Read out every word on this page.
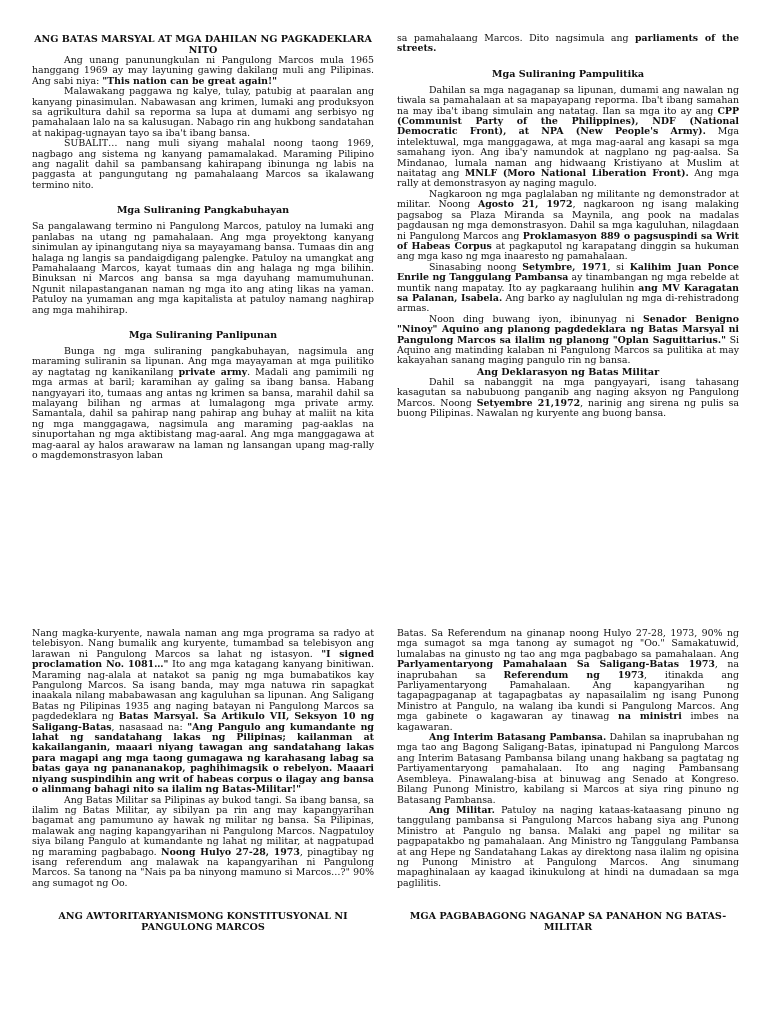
ANG BATAS MARSYAL AT MGA DAHILAN NG PAGKADEKLARA NITO

Ang unang panunungkulan ni Pangulong Marcos mula 1965 hanggang 1969 ay may layuning gawing dakilang muli ang Pilipinas. Ang sabi niya: "This nation can be great again!"

Malawakang paggawa ng kalye, tulay, patubig at paaralan ang kanyang pinasimulan. Nabawasan ang krimen, lumaki ang produksyon sa agrikultura dahil sa reporma sa lupa at dumami ang serbisyo ng pamahalaan lalo na sa kalusugan. Nabago rin ang hukbong sandatahan at nakipag-ugnayan tayo sa iba't ibang bansa.

SUBALIT… nang muli siyang mahalal noong taong 1969, nagbago ang sistema ng kanyang pamamalakad. Maraming Pilipino ang nagalit dahil sa pambansang kahirapang ibinunga ng labis na paggasta at pangungutang ng pamahalaang Marcos sa ikalawang termino nito.

Mga Suliraning Pangkabuhayan

Sa pangalawang termino ni Pangulong Marcos, patuloy na lumaki ang panlabas na utang ng pamahalaan. Ang mga proyektong kanyang sinimulan ay ipinangutang niya sa mayayamang bansa. Tumaas din ang halaga ng langis sa pandaigdigang palengke. Patuloy na umangkat ang Pamahalaang Marcos, kayat tumaas din ang halaga ng mga bilihin. Binuksan ni Marcos ang bansa sa mga dayuhang mamumuhunan. Ngunit nilapastanganan naman ng mga ito ang ating likas na yaman. Patuloy na yumaman ang mga kapitalista at patuloy namang naghirap ang mga mahihirap.

Mga Suliraning Panlipunan

Bunga ng mga suliraning pangkabuhayan, nagsimula ang maraming suliranin sa lipunan. Ang mga mayayaman at mga puilitiko ay nagtatag ng kanikanilang private army. Madali ang pamimili ng mga armas at baril; karamihan ay galing sa ibang bansa. Habang nangyayari ito, tumaas ang antas ng krimen sa bansa, marahil dahil sa malayang bilihan ng armas at lumalagong mga private army. Samantala, dahil sa pahirap nang pahirap ang buhay at maliit na kita ng mga manggagawa, nagsimula ang maraming pag-aaklas na sinuportahan ng mga aktibistang mag-aaral. Ang mga manggagawa at mag-aaral ay halos arawaraw na laman ng lansangan upang mag-rally o magdemonstrasyon laban

sa pamahalaang Marcos. Dito nagsimula ang parliaments of the streets.

Mga Suliraning Pampulitika

Dahilan sa mga nagaganap sa lipunan, dumami ang nawalan ng tiwala sa pamahalaan at sa mapayapang reporma. Iba't ibang samahan na may iba't ibang simulain ang natatag. Ilan sa mga ito ay ang CPP (Communist Party of the Philippines), NDF (National Democratic Front), at NPA (New People's Army). Mga intelektuwal, mga manggagawa, at mga mag-aaral ang kasapi sa mga samahang iyon. Ang iba'y namundok at nagplano ng pag-aalsa. Sa Mindanao, lumala naman ang hidwaang Kristiyano at Muslim at naitatag ang MNLF (Moro National Liberation Front). Ang mga rally at demonstrasyon ay naging magulo.

Nagkaroon ng mga paglalaban ng militante ng demonstrador at militar. Noong Agosto 21, 1972, nagkaroon ng isang malaking pagsabog sa Plaza Miranda sa Maynila, ang pook na madalas pagdausan ng mga demonstrasyon. Dahil sa mga kaguluhan, nilagdaan ni Pangulong Marcos ang Proklamasyon 889 o pagsuspindi sa Writ of Habeas Corpus at pagkaputol ng karapatang dinggin sa hukuman ang mga kaso ng mga inaaresto ng pamahalaan.

Sinasabing noong Setymbre, 1971, si Kalihim Juan Ponce Enrile ng Tanggulang Pambansa ay tinambangan ng mga rebelde at muntik nang mapatay. Ito ay pagkaraang hulihin ang MV Karagatan sa Palanan, Isabela. Ang barko ay naglululan ng mga di-rehistradong armas.

Noon ding buwang iyon, ibinunyag ni Senador Benigno "Ninoy" Aquino ang planong pagdedeklara ng Batas Marsyal ni Pangulong Marcos sa ilalim ng planong "Oplan Saguittarius." Si Aquino ang matinding kalaban ni Pangulong Marcos sa pulitika at may kakayahan sanang maging pangulo rin ng bansa.

Ang Deklarasyon ng Batas Militar

Dahil sa nabanggit na mga pangyayari, isang tahasang kasagutan sa nabubuong panganib ang naging aksyon ng Pangulong Marcos. Noong Setyembre 21,1972, narinig ang sirena ng pulis sa buong Pilipinas. Nawalan ng kuryente ang buong bansa.

Nang magka-kuryente, nawala naman ang mga programa sa radyo at telebisyon. Nang bumalik ang kuryente, tumambad sa telebisyon ang larawan ni Pangulong Marcos sa lahat ng istasyon. "I signed proclamation No. 1081…" Ito ang mga katagang kanyang binitiwan. Maraming nag-alala at natakot sa panig ng mga bumabatikos kay Pangulong Marcos. Sa isang banda, may mga natuwa rin sapagkat inaakala nilang mababawasan ang kaguluhan sa lipunan. Ang Saligang Batas ng Pilipinas 1935 ang naging batayan ni Pangulong Marcos sa pagdedeklara ng Batas Marsyal. Sa Artikulo VII, Seksyon 10 ng Saligang-Batas, nasasaad na: "Ang Pangulo ang kumandante ng lahat ng sandatahang lakas ng Pilipinas; kailanman at kakailanganin, maaari niyang tawagan ang sandatahang lakas para magapi ang mga taong gumagawa ng karahasang labag sa batas gaya ng panananakop, paghihimagsik o rebelyon. Maaari niyang suspindihin ang writ of habeas corpus o ilagay ang bansa o alinmang bahagi nito sa ilalim ng Batas-Militar!"

Ang Batas Militar sa Pilipinas ay bukod tangi. Sa ibang bansa, sa ilalim ng Batas Militar, ay sibilyan pa rin ang may kapangyarihan bagamat ang pamumuno ay hawak ng militar ng bansa. Sa Pilipinas, malawak ang naging kapangyarihan ni Pangulong Marcos. Nagpatuloy siya bilang Pangulo at kumandante ng lahat ng militar, at nagpatupad ng maraming pagbabago. Noong Hulyo 27-28, 1973, pinagtibay ng isang referendum ang malawak na kapangyarihan ni Pangulong Marcos. Sa tanong na "Nais pa ba ninyong mamuno si Marcos…?" 90% ang sumagot ng Oo.

ANG AWTORITARYANISMONG KONSTITUSYONAL NI PANGULONG MARCOS

Batas. Sa Referendum na ginanap noong Hulyo 27-28, 1973, 90% ng mga sumagot sa mga tanong ay sumagot ng "Oo." Samakatuwid, lumalabas na ginusto ng tao ang mga pagbabago sa pamahalaan. Ang Parlyamentaryong Pamahalaan Sa Saligang-Batas 1973, na inaprubahan sa Referendum ng 1973, itinakda ang Parliyamentaryong Pamahalaan. Ang kapangyarihan ng tagapagpaganap at tagapagbatas ay napasailalim ng isang Punong Ministro at Pangulo, na walang iba kundi si Pangulong Marcos. Ang mga gabinete o kagawaran ay tinawag na ministri imbes na kagawaran.

Ang Interim Batasang Pambansa. Dahilan sa inaprubahan ng mga tao ang Bagong Saligang-Batas, ipinatupad ni Pangulong Marcos ang Interim Batasang Pambansa bilang unang hakbang sa pagtatag ng Partiyamentaryong pamahalaan. Ito ang naging Pambansang Asembleya. Pinawalang-bisa at binuwag ang Senado at Kongreso. Bilang Punong Ministro, kabilang si Marcos at siya ring pinuno ng Batasang Pambansa.

Ang Militar. Patuloy na naging kataas-kataasang pinuno ng tanggulang pambansa si Pangulong Marcos habang siya ang Punong Ministro at Pangulo ng bansa. Malaki ang papel ng militar sa pagpapatakbo ng pamahalaan. Ang Ministro ng Tanggulang Pambansa at ang Hepe ng Sandatahang Lakas ay direktong nasa ilalim ng opisina ng Punong Ministro at Pangulong Marcos. Ang sinumang mapaghinalaan ay kaagad ikinukulong at hindi na dumadaan sa mga paglilitis.

MGA PAGBABAGONG NAGANAP SA PANAHON NG BATAS-MILITAR
